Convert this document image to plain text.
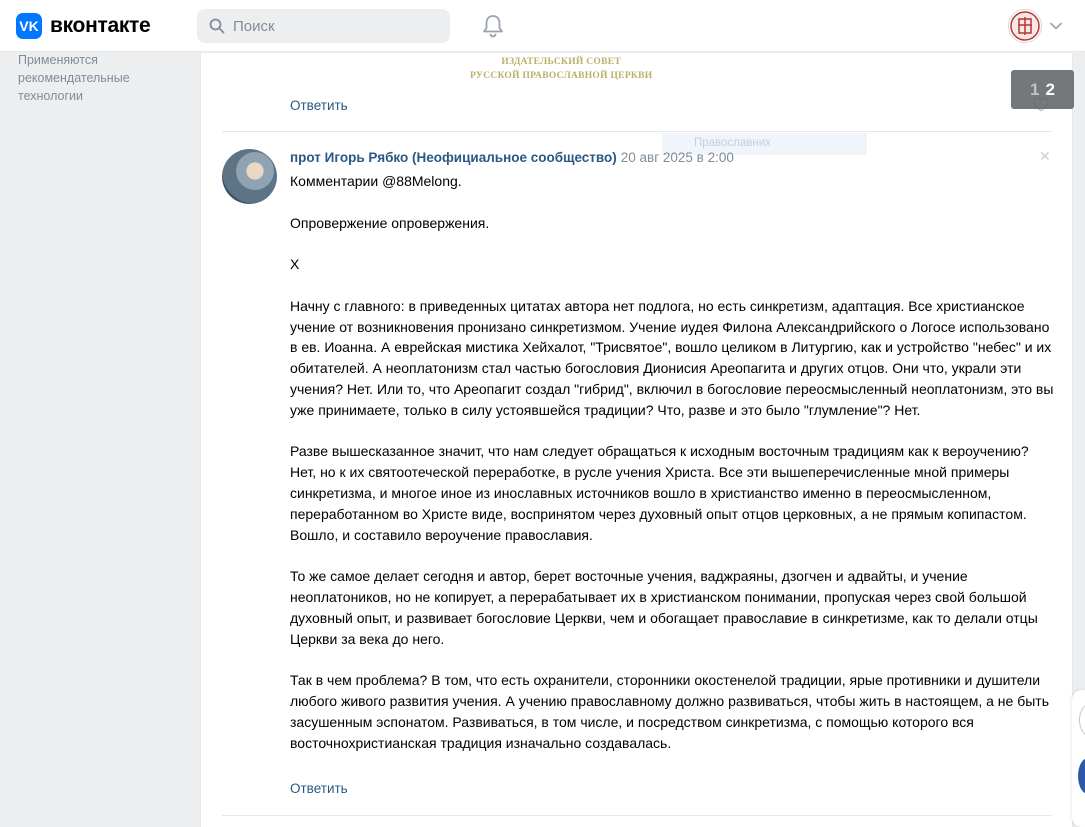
VK вконтакте
Поиск
Применяются рекомендательные технологии
ИЗДАТЕЛЬСКИЙ СОВЕТ
РУССКОЙ ПРАВОСЛАВНОЙ ЦЕРКВИ
Ответить
Православних
1 2
прот Игорь Рябко (Неофициальное сообщество) 20 авг 2025 в 2:00	✕

Комментарии @88Melong.

Опровержение опровержения.

X

Начну с главного: в приведенных цитатах автора нет подлога, но есть синкретизм, адаптация. Все христианское учение от возникновения пронизано синкретизмом. Учение иудея Филона Александрийского о Логосе использовано в ев. Иоанна. А еврейская мистика Хейхалот, "Трисвятое", вошло целиком в Литургию, как и устройство "небес" и их обитателей. А неоплатонизм стал частью богословия Дионисия Ареопагита и других отцов. Они что, украли эти учения? Нет. Или то, что Ареопагит создал "гибрид", включил в богословие переосмысленный неоплатонизм, это вы уже принимаете, только в силу устоявшейся традиции? Что, разве и это было "глумление"? Нет.

Разве вышесказанное значит, что нам следует обращаться к исходным восточным традициям как к вероучению? Нет, но к их святоотеческой переработке, в русле учения Христа. Все эти вышеперечисленные мной примеры синкретизма, и многое иное из инославных источников вошло в христианство именно в переосмысленном, переработанном во Христе виде, воспринятом через духовный опыт отцов церковных, а не прямым копипастом. Вошло, и составило вероучение православия.

То же самое делает сегодня и автор, берет восточные учения, ваджраяны, дзогчен и адвайты, и учение неоплатоников, но не копирует, а перерабатывает их в христианском понимании, пропуская через свой большой духовный опыт, и развивает богословие Церкви, чем и обогащает православие в синкретизме, как то делали отцы Церкви за века до него.

Так в чем проблема? В том, что есть охранители, сторонники окостенелой традиции, ярые противники и душители любого живого развития учения. А учению православному должно развиваться, чтобы жить в настоящем, а не быть засушенным эспонатом. Развиваться, в том числе, и посредством синкретизма, с помощью которого вся восточнохристианская традиция изначально создавалась.

Ответить
